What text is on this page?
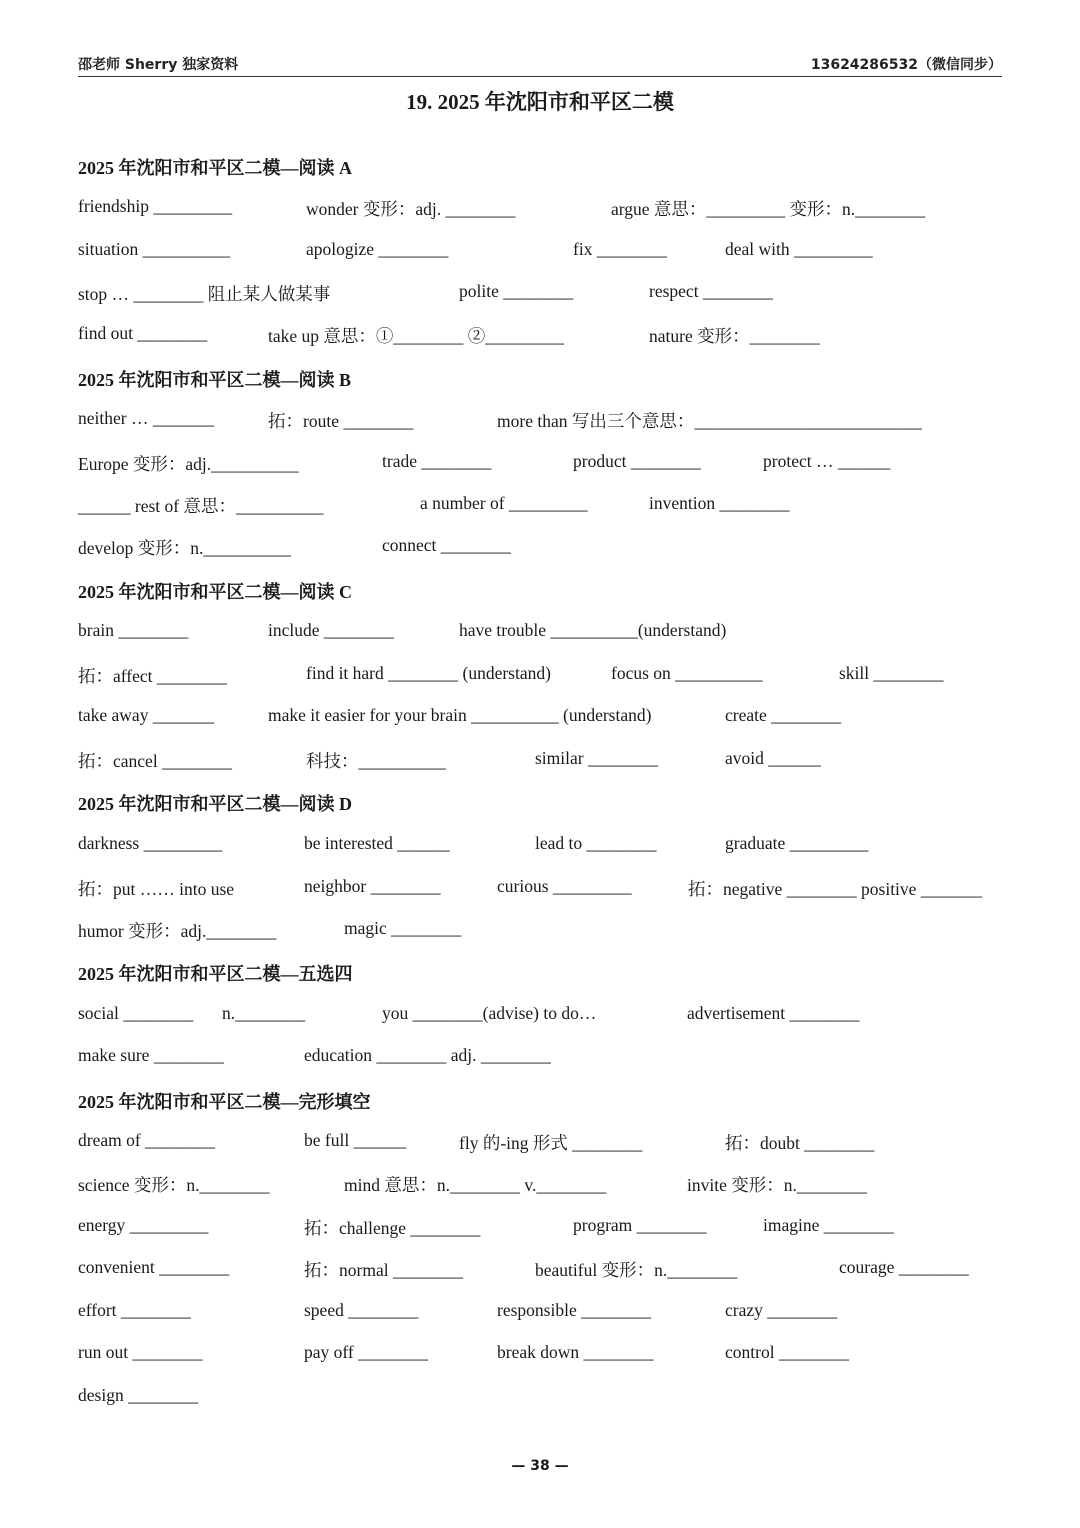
邵老师 Sherry 独家资料	13624286532（微信同步）
19. 2025 年沈阳市和平区二模
2025 年沈阳市和平区二模—阅读 A
friendship _________	wonder 变形：adj. ________	argue 意思：_________ 变形：n.________
situation __________	apologize ________	fix ________	deal with _________
stop … ________ 阻止某人做某事	polite ________	respect ________
find out ________	take up 意思：①________ ②_________	nature 变形：________
2025 年沈阳市和平区二模—阅读 B
neither … _______	拓：route ________	more than 写出三个意思：__________________________
Europe 变形：adj.__________	trade ________	product ________	protect … ______
______ rest of 意思：__________	a number of _________	invention ________
develop 变形：n.__________	connect ________
2025 年沈阳市和平区二模—阅读 C
brain ________	include ________	have trouble __________(understand)
拓：affect ________	find it hard ________ (understand)	focus on __________	skill ________
take away _______	make it easier for your brain __________ (understand)	create ________
拓：cancel ________	科技：__________	similar ________	avoid ______
2025 年沈阳市和平区二模—阅读 D
darkness _________	be interested ______	lead to ________	graduate _________
拓：put …… into use	neighbor ________	curious _________	拓：negative ________ positive _______
humor 变形：adj.________	magic ________
2025 年沈阳市和平区二模—五选四
social ________ n.________	you ________(advise) to do…	advertisement ________
make sure ________	education ________ adj. ________
2025 年沈阳市和平区二模—完形填空
dream of ________	be full ______	fly 的-ing 形式 ________	拓：doubt ________
science 变形：n.________	mind 意思：n.________ v.________	invite 变形：n.________
energy _________	拓：challenge ________	program ________	imagine ________
convenient ________	拓：normal ________	beautiful 变形：n.________	courage ________
effort ________	speed ________	responsible ________	crazy ________
run out ________	pay off ________	break down ________	control ________
design ________
— 38 —
